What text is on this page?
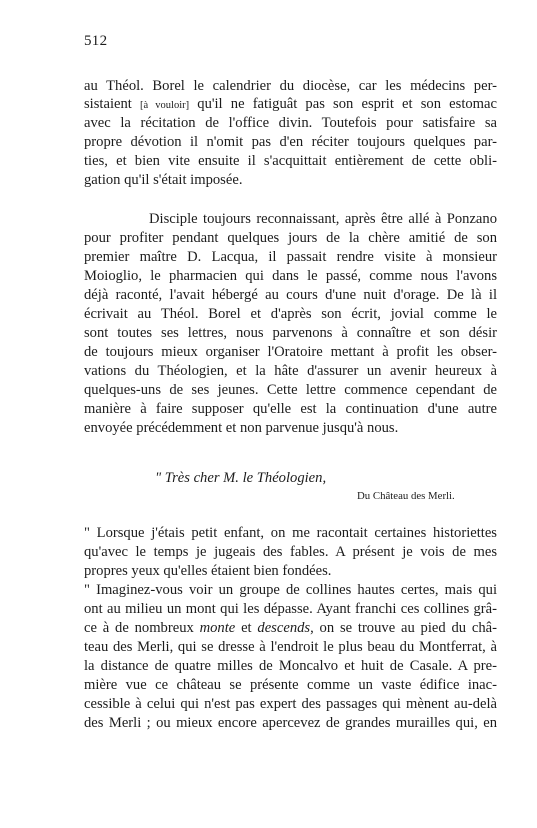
512
au Théol. Borel le calendrier du diocèse, car les médecins per-
sistaient [à vouloir] qu'il ne fatiguât pas son esprit et son estomac
avec la récitation de l'office divin. Toutefois pour satisfaire sa
propre dévotion il n'omit pas d'en réciter toujours quelques par-
ties, et bien vite ensuite il s'acquittait entièrement de cette obli-
gation qu'il s'était imposée.
Disciple toujours reconnaissant, après être allé à Ponzano
pour profiter pendant quelques jours de la chère amitié de son
premier maître D. Lacqua, il passait rendre visite à monsieur
Moioglio, le pharmacien qui dans le passé, comme nous l'avons
déjà raconté, l'avait hébergé au cours d'une nuit d'orage. De là il
écrivait au Théol. Borel et d'après son écrit, jovial comme le
sont toutes ses lettres, nous parvenons à connaître et son désir
de toujours mieux organiser l'Oratoire mettant à profit les obser-
vations du Théologien, et la hâte d'assurer un avenir heureux à
quelques-uns de ses jeunes. Cette lettre commence cependant de
manière à faire supposer qu'elle est la continuation d'une autre
envoyée précédemment et non parvenue jusqu'à nous.
" Très cher M. le Théologien,
Du Château des Merli.
" Lorsque j'étais petit enfant, on me racontait certaines historiettes
qu'avec le temps je jugeais des fables. A présent je vois de mes
propres yeux qu'elles étaient bien fondées.
" Imaginez-vous voir un groupe de collines hautes certes, mais qui
ont au milieu un mont qui les dépasse. Ayant franchi ces collines grâ-
ce à de nombreux monte et descends, on se trouve au pied du châ-
teau des Merli, qui se dresse à l'endroit le plus beau du Montferrat, à
la distance de quatre milles de Moncalvo et huit de Casale. A pre-
mière vue ce château se présente comme un vaste édifice inac-
cessible à celui qui n'est pas expert des passages qui mènent au-delà
des Merli ; ou mieux encore apercevez de grandes murailles qui, en
